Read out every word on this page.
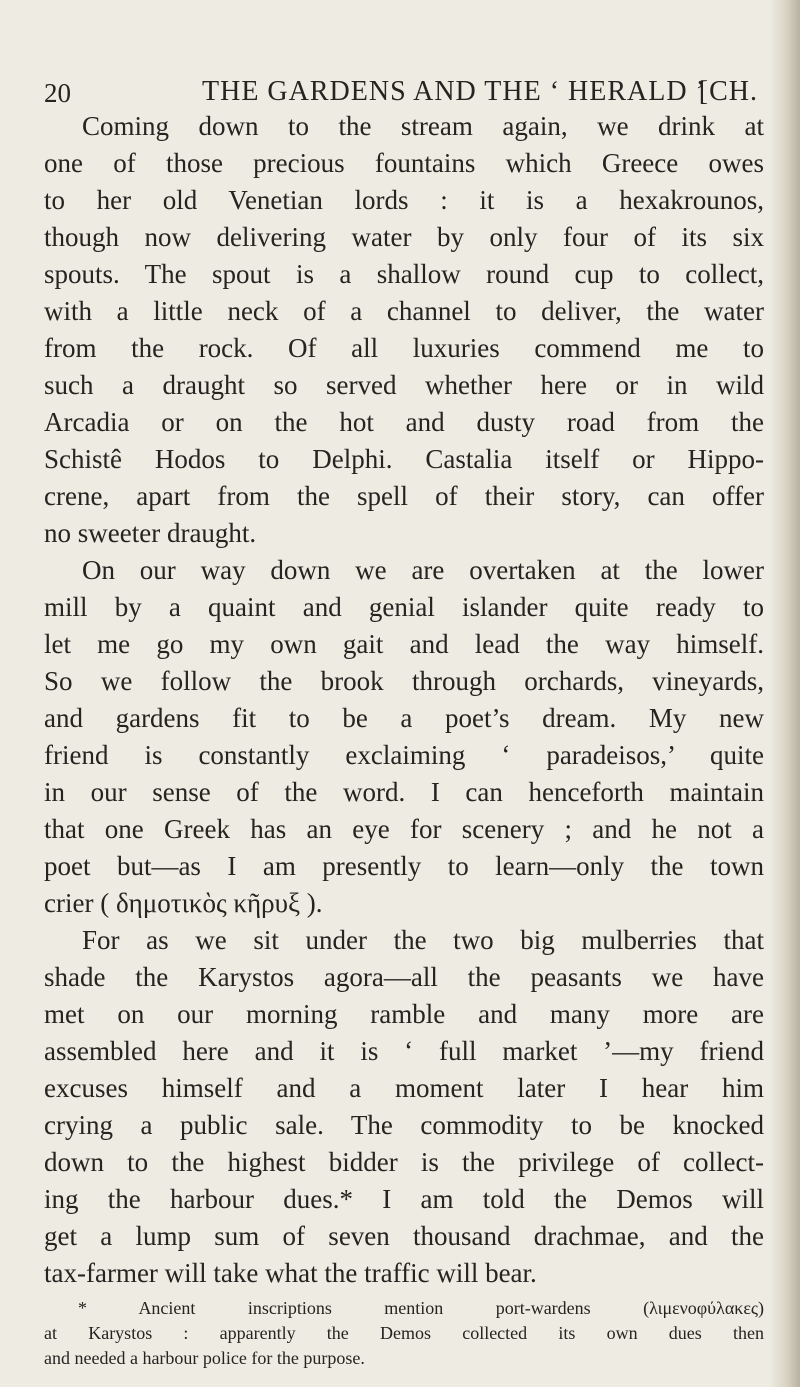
20	THE GARDENS AND THE ‘ HERALD ’
[CH.
Coming down to the stream again, we drink at
one of those precious fountains which Greece owes
to her old Venetian lords : it is a hexakrounos,
though now delivering water by only four of its six
spouts. The spout is a shallow round cup to collect,
with a little neck of a channel to deliver, the water
from the rock. Of all luxuries commend me to
such a draught so served whether here or in wild
Arcadia or on the hot and dusty road from the
Schistê Hodos to Delphi. Castalia itself or Hippo-
crene, apart from the spell of their story, can offer
no sweeter draught.
On our way down we are overtaken at the lower
mill by a quaint and genial islander quite ready to
let me go my own gait and lead the way himself.
So we follow the brook through orchards, vineyards,
and gardens fit to be a poet’s dream. My new
friend is constantly exclaiming ‘ paradeisos,’ quite
in our sense of the word. I can henceforth maintain
that one Greek has an eye for scenery ; and he not a
poet but—as I am presently to learn—only the town
crier ( δημοτικὸς κῆρυξ ).
For as we sit under the two big mulberries that
shade the Karystos agora—all the peasants we have
met on our morning ramble and many more are
assembled here and it is ‘ full market ’—my friend
excuses himself and a moment later I hear him
crying a public sale. The commodity to be knocked
down to the highest bidder is the privilege of collect-
ing the harbour dues.* I am told the Demos will
get a lump sum of seven thousand drachmae, and the
tax-farmer will take what the traffic will bear.
* Ancient inscriptions mention port-wardens (λιμενοφύλακες)
at Karystos : apparently the Demos collected its own dues then
and needed a harbour police for the purpose.
